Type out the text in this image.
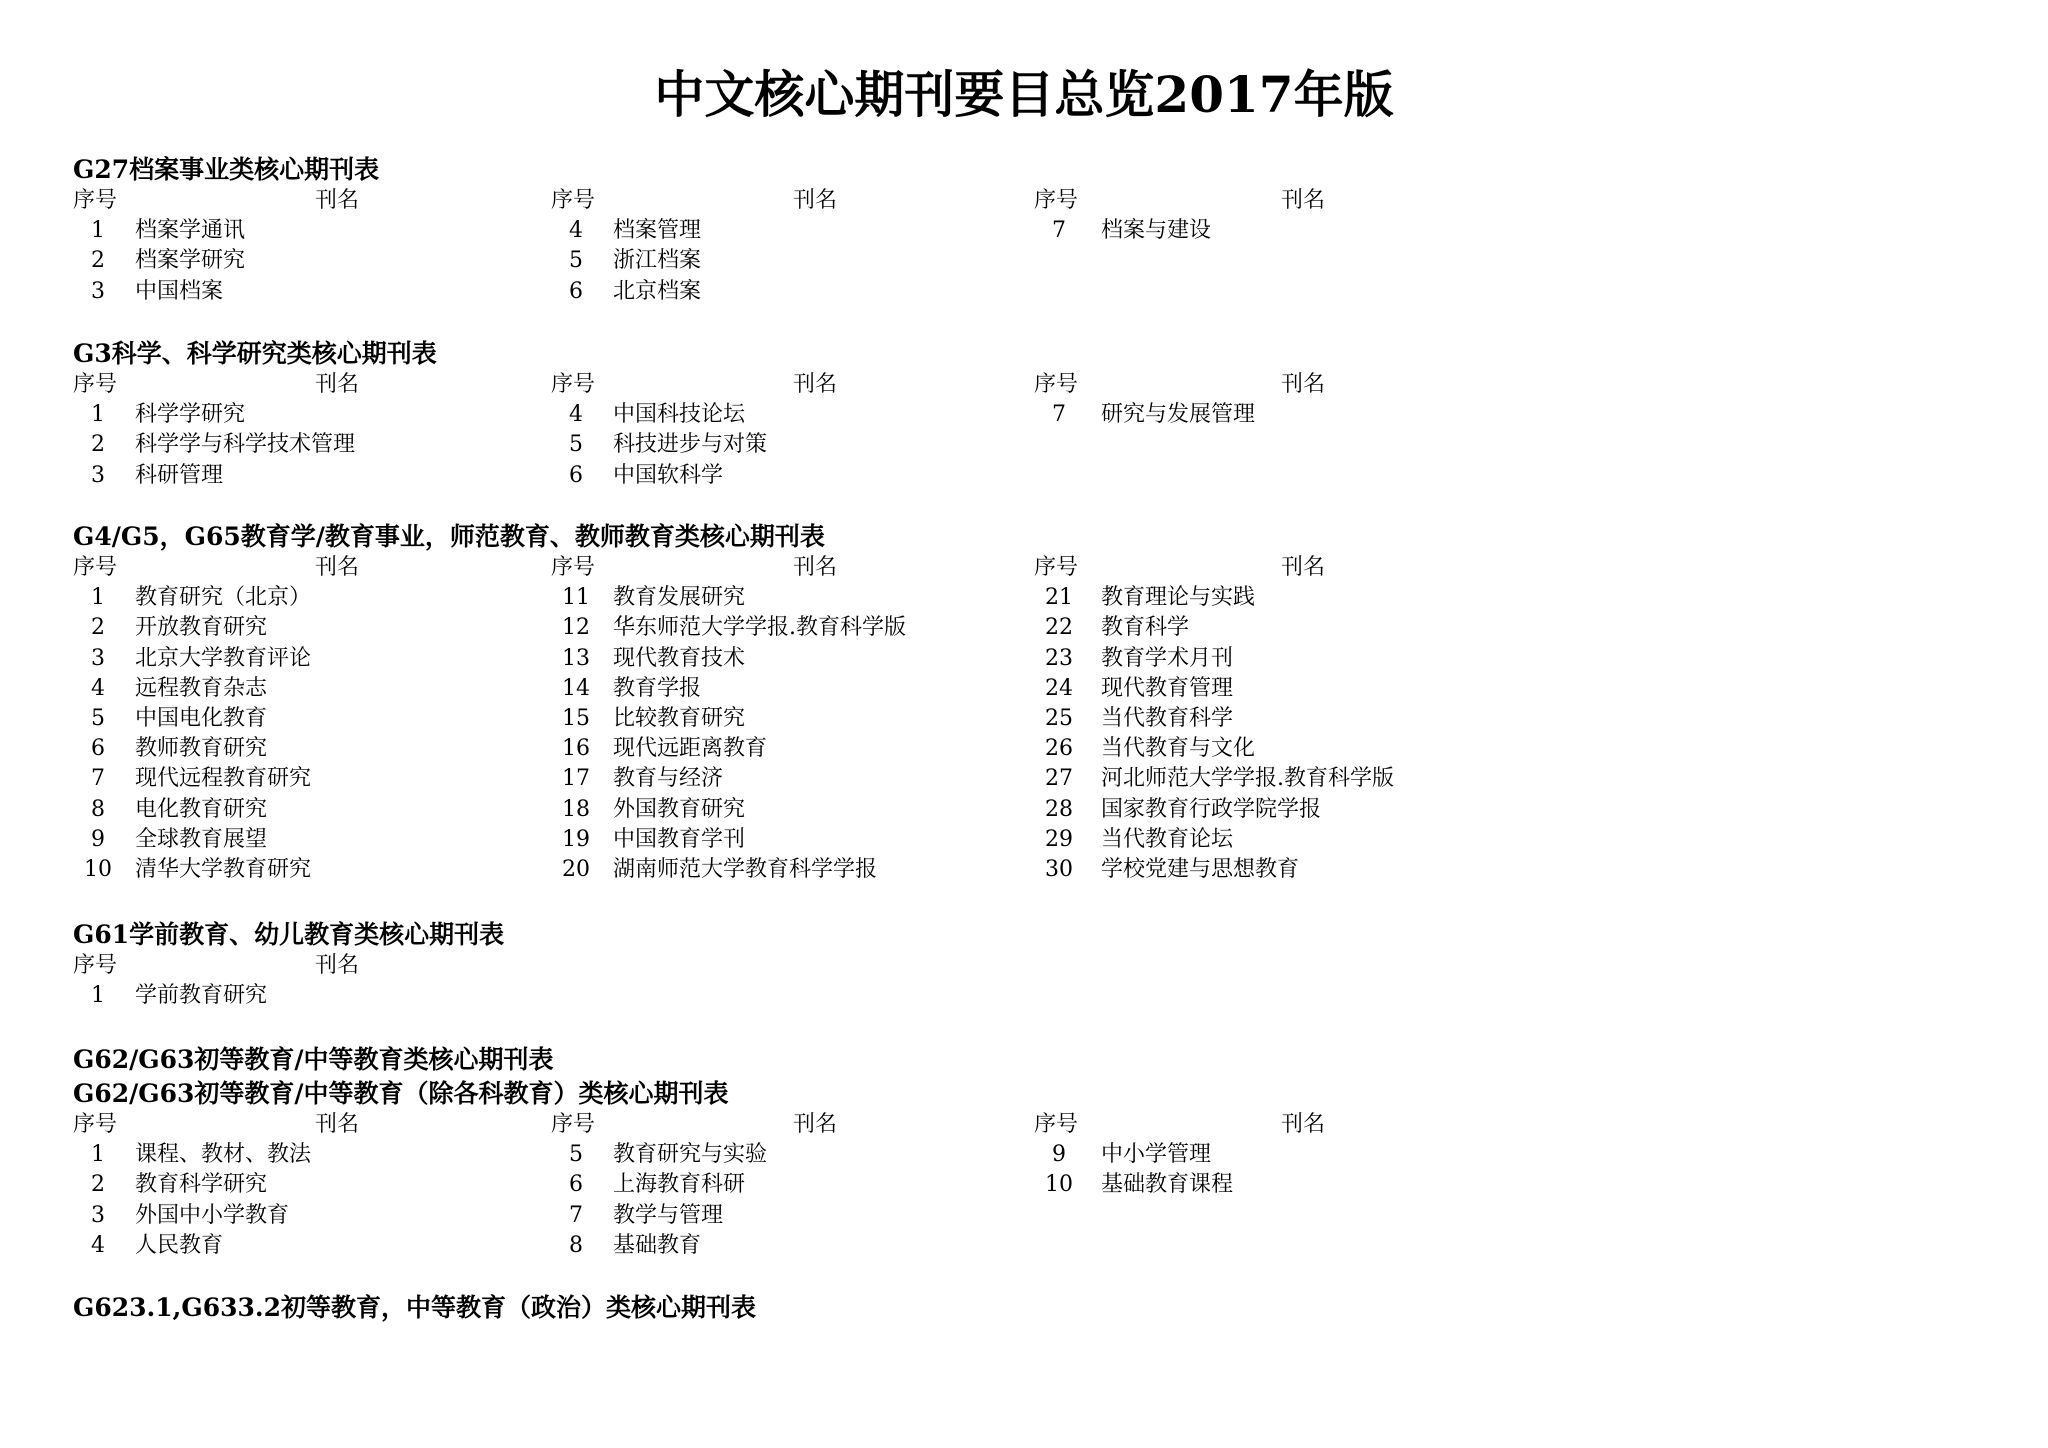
中文核心期刊要目总览2017年版
G27档案事业类核心期刊表
序号	刊名	序号	刊名	序号	刊名
1	档案学通讯	4	档案管理	7	档案与建设
2	档案学研究	5	浙江档案
3	中国档案	6	北京档案
G3科学、科学研究类核心期刊表
序号	刊名	序号	刊名	序号	刊名
1	科学学研究	4	中国科技论坛	7	研究与发展管理
2	科学学与科学技术管理	5	科技进步与对策
3	科研管理	6	中国软科学
G4/G5，G65教育学/教育事业，师范教育、教师教育类核心期刊表
序号	刊名	序号	刊名	序号	刊名
1	教育研究（北京）	11	教育发展研究	21	教育理论与实践
2	开放教育研究	12	华东师范大学学报.教育科学版	22	教育科学
3	北京大学教育评论	13	现代教育技术	23	教育学术月刊
4	远程教育杂志	14	教育学报	24	现代教育管理
5	中国电化教育	15	比较教育研究	25	当代教育科学
6	教师教育研究	16	现代远距离教育	26	当代教育与文化
7	现代远程教育研究	17	教育与经济	27	河北师范大学学报.教育科学版
8	电化教育研究	18	外国教育研究	28	国家教育行政学院学报
9	全球教育展望	19	中国教育学刊	29	当代教育论坛
10	清华大学教育研究	20	湖南师范大学教育科学学报	30	学校党建与思想教育
G61学前教育、幼儿教育类核心期刊表
序号	刊名
1	学前教育研究
G62/G63初等教育/中等教育类核心期刊表
G62/G63初等教育/中等教育（除各科教育）类核心期刊表
序号	刊名	序号	刊名	序号	刊名
1	课程、教材、教法	5	教育研究与实验	9	中小学管理
2	教育科学研究	6	上海教育科研	10	基础教育课程
3	外国中小学教育	7	教学与管理
4	人民教育	8	基础教育
G623.1,G633.2初等教育，中等教育（政治）类核心期刊表
